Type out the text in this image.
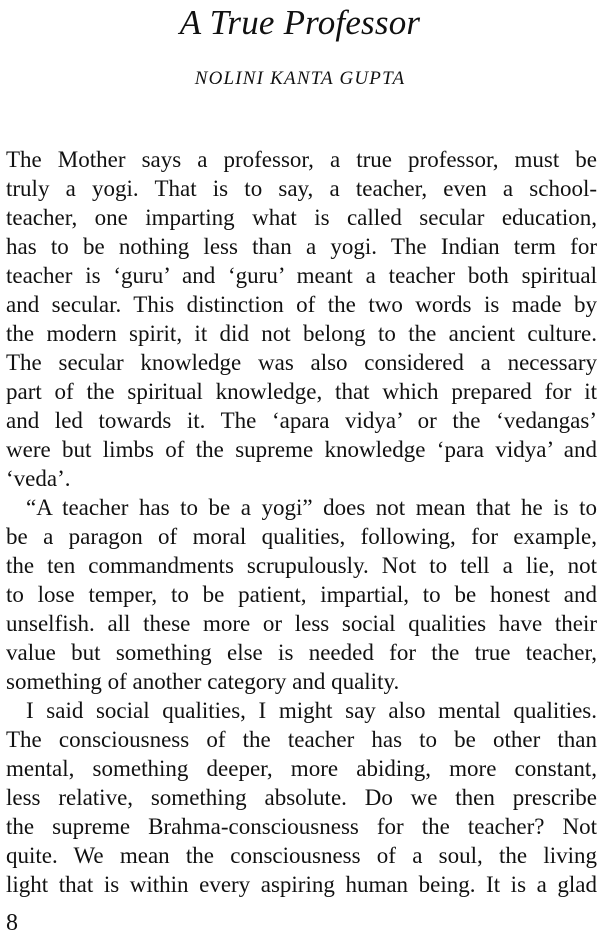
A True Professor
NOLINI KANTA GUPTA
The Mother says a professor, a true professor, must be
truly a yogi. That is to say, a teacher, even a school-
teacher, one imparting what is called secular education,
has to be nothing less than a yogi. The Indian term for
teacher is ‘guru’ and ‘guru’ meant a teacher both spiritual
and secular. This distinction of the two words is made by
the modern spirit, it did not belong to the ancient culture.
The secular knowledge was also considered a necessary
part of the spiritual knowledge, that which prepared for it
and led towards it. The ‘apara vidya’ or the ‘vedangas’
were but limbs of the supreme knowledge ‘para vidya’ and
‘veda’.
“A teacher has to be a yogi” does not mean that he is to
be a paragon of moral qualities, following, for example,
the ten commandments scrupulously. Not to tell a lie, not
to lose temper, to be patient, impartial, to be honest and
unselfish. all these more or less social qualities have their
value but something else is needed for the true teacher,
something of another category and quality.
I said social qualities, I might say also mental qualities.
The consciousness of the teacher has to be other than
mental, something deeper, more abiding, more constant,
less relative, something absolute. Do we then prescribe
the supreme Brahma-consciousness for the teacher? Not
quite. We mean the consciousness of a soul, the living
light that is within every aspiring human being. It is a glad
8
